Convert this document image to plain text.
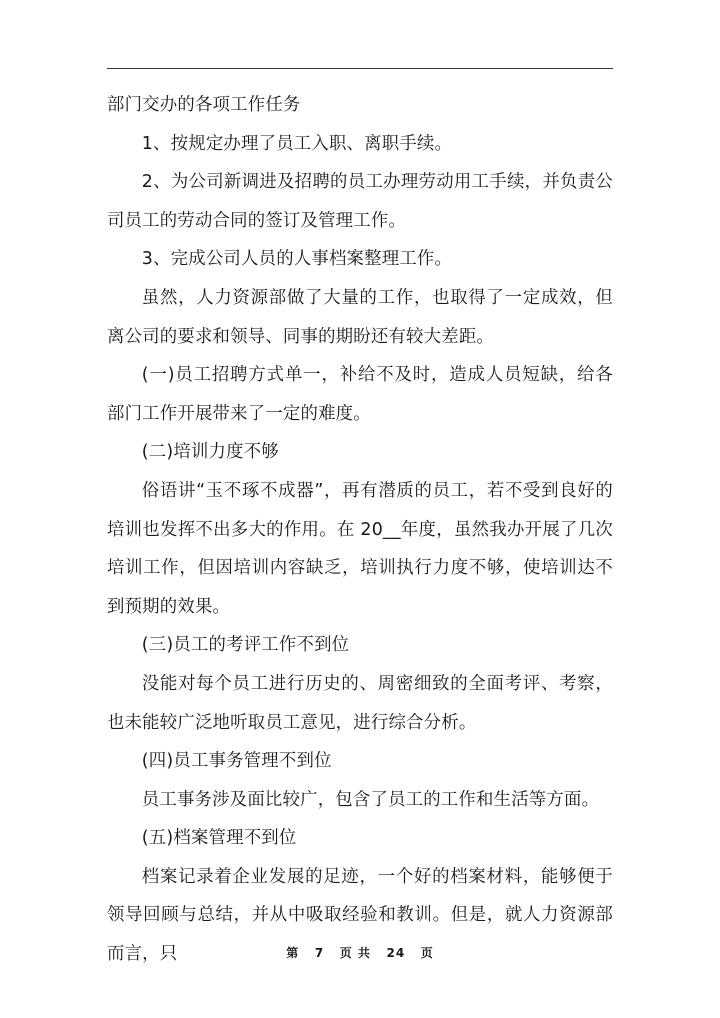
部门交办的各项工作任务

1、按规定办理了员工入职、离职手续。

2、为公司新调进及招聘的员工办理劳动用工手续，并负责公司员工的劳动合同的签订及管理工作。

3、完成公司人员的人事档案整理工作。

虽然，人力资源部做了大量的工作，也取得了一定成效，但离公司的要求和领导、同事的期盼还有较大差距。

(一)员工招聘方式单一，补给不及时，造成人员短缺，给各部门工作开展带来了一定的难度。

(二)培训力度不够

俗语讲“玉不琢不成器”，再有潜质的员工，若不受到良好的培训也发挥不出多大的作用。在 20__年度，虽然我办开展了几次培训工作，但因培训内容缺乏，培训执行力度不够，使培训达不到预期的效果。

(三)员工的考评工作不到位

没能对每个员工进行历史的、周密细致的全面考评、考察，也未能较广泛地听取员工意见，进行综合分析。

(四)员工事务管理不到位

员工事务涉及面比较广，包含了员工的工作和生活等方面。

(五)档案管理不到位

档案记录着企业发展的足迹，一个好的档案材料，能够便于领导回顾与总结，并从中吸取经验和教训。但是，就人力资源部而言，只	第 7 页 共 24 页
